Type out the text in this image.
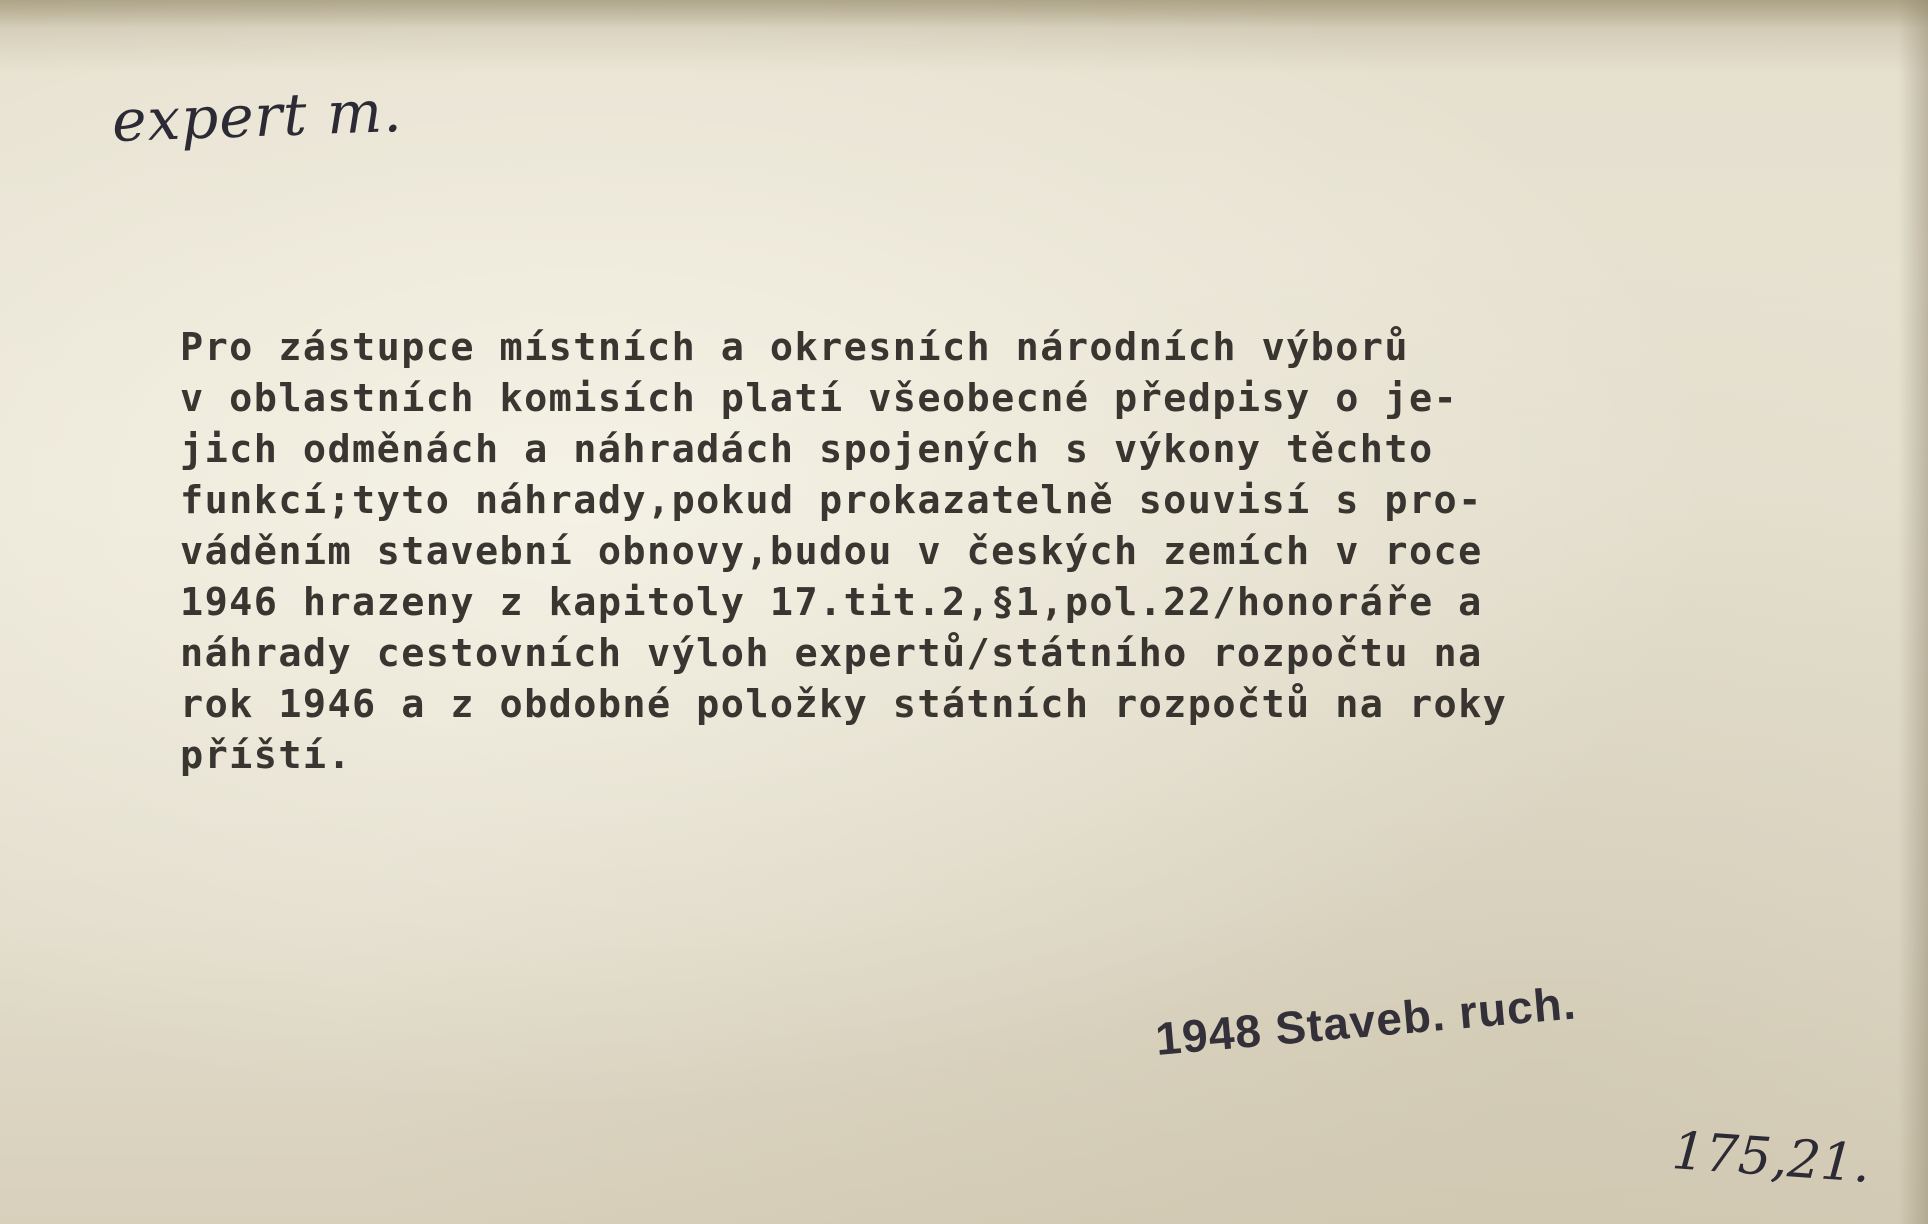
expert m.
Pro zástupce místních a okresních národních výborů
v oblastních komisích platí všeobecné předpisy o je-
jich odměnách a náhradách spojených s výkony těchto
funkcí;tyto náhrady,pokud prokazatelně souvisí s pro-
váděním stavební obnovy,budou v českých zemích v roce
1946 hrazeny z kapitoly 17.tit.2,§1,pol.22/honoráře a
náhrady cestovních výloh expertů/státního rozpočtu na
rok 1946 a z obdobné položky státních rozpočtů na roky
příští.
1948 Staveb. ruch.
175,21.
